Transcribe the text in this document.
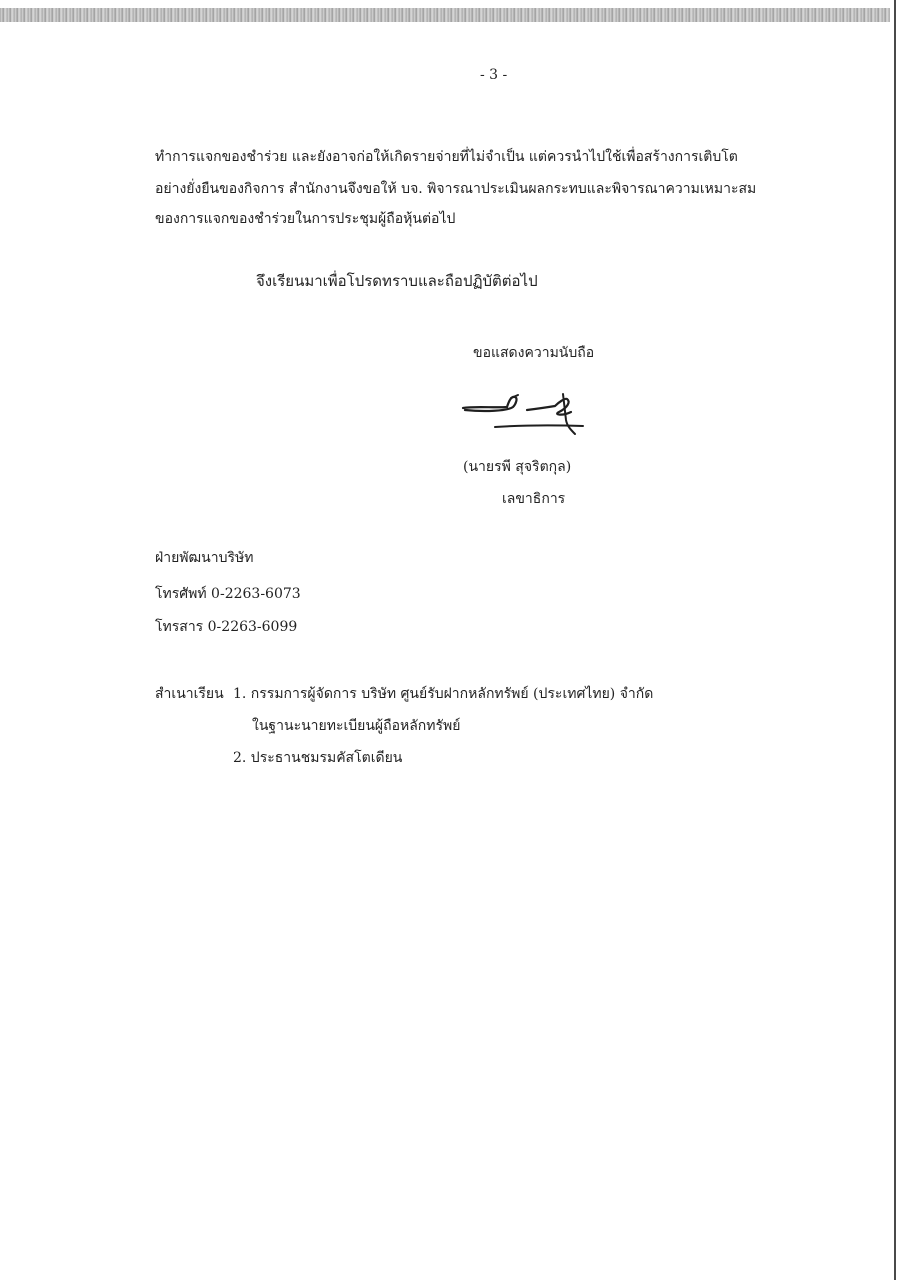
- 3 -
ทำการแจกของชำร่วย และยังอาจก่อให้เกิดรายจ่ายที่ไม่จำเป็น แต่ควรนำไปใช้เพื่อสร้างการเติบโต
อย่างยั่งยืนของกิจการ สำนักงานจึงขอให้ บจ. พิจารณาประเมินผลกระทบและพิจารณาความเหมาะสม
ของการแจกของชำร่วยในการประชุมผู้ถือหุ้นต่อไป
จึงเรียนมาเพื่อโปรดทราบและถือปฏิบัติต่อไป
ขอแสดงความนับถือ
(นายรพี สุจริตกุล)
เลขาธิการ
ฝ่ายพัฒนาบริษัท
โทรศัพท์ 0-2263-6073
โทรสาร 0-2263-6099
สำเนาเรียน 1. กรรมการผู้จัดการ บริษัท ศูนย์รับฝากหลักทรัพย์ (ประเทศไทย) จำกัด
ในฐานะนายทะเบียนผู้ถือหลักทรัพย์
2. ประธานชมรมคัสโตเดียน
